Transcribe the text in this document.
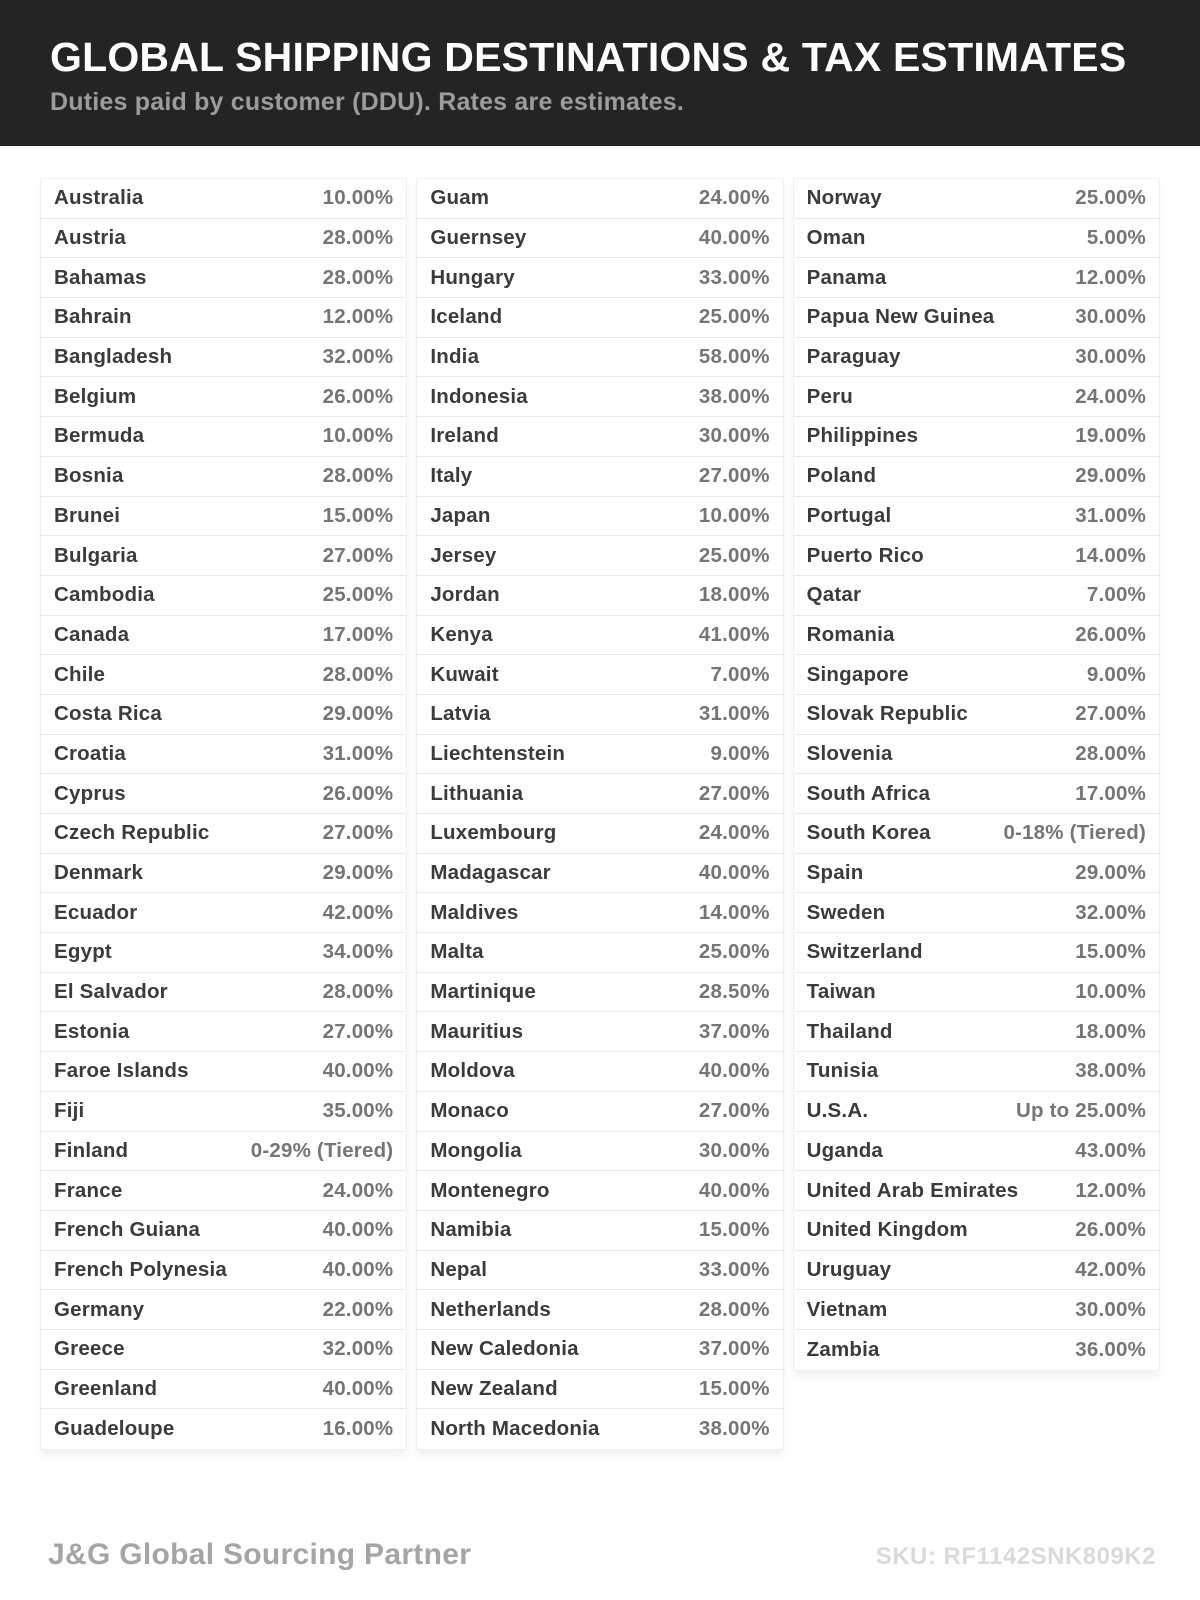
GLOBAL SHIPPING DESTINATIONS & TAX ESTIMATES
Duties paid by customer (DDU). Rates are estimates.
Australia	10.00%
Austria	28.00%
Bahamas	28.00%
Bahrain	12.00%
Bangladesh	32.00%
Belgium	26.00%
Bermuda	10.00%
Bosnia	28.00%
Brunei	15.00%
Bulgaria	27.00%
Cambodia	25.00%
Canada	17.00%
Chile	28.00%
Costa Rica	29.00%
Croatia	31.00%
Cyprus	26.00%
Czech Republic	27.00%
Denmark	29.00%
Ecuador	42.00%
Egypt	34.00%
El Salvador	28.00%
Estonia	27.00%
Faroe Islands	40.00%
Fiji	35.00%
Finland	0-29% (Tiered)
France	24.00%
French Guiana	40.00%
French Polynesia	40.00%
Germany	22.00%
Greece	32.00%
Greenland	40.00%
Guadeloupe	16.00%
Guam	24.00%
Guernsey	40.00%
Hungary	33.00%
Iceland	25.00%
India	58.00%
Indonesia	38.00%
Ireland	30.00%
Italy	27.00%
Japan	10.00%
Jersey	25.00%
Jordan	18.00%
Kenya	41.00%
Kuwait	7.00%
Latvia	31.00%
Liechtenstein	9.00%
Lithuania	27.00%
Luxembourg	24.00%
Madagascar	40.00%
Maldives	14.00%
Malta	25.00%
Martinique	28.50%
Mauritius	37.00%
Moldova	40.00%
Monaco	27.00%
Mongolia	30.00%
Montenegro	40.00%
Namibia	15.00%
Nepal	33.00%
Netherlands	28.00%
New Caledonia	37.00%
New Zealand	15.00%
North Macedonia	38.00%
Norway	25.00%
Oman	5.00%
Panama	12.00%
Papua New Guinea	30.00%
Paraguay	30.00%
Peru	24.00%
Philippines	19.00%
Poland	29.00%
Portugal	31.00%
Puerto Rico	14.00%
Qatar	7.00%
Romania	26.00%
Singapore	9.00%
Slovak Republic	27.00%
Slovenia	28.00%
South Africa	17.00%
South Korea	0-18% (Tiered)
Spain	29.00%
Sweden	32.00%
Switzerland	15.00%
Taiwan	10.00%
Thailand	18.00%
Tunisia	38.00%
U.S.A.	Up to 25.00%
Uganda	43.00%
United Arab Emirates	12.00%
United Kingdom	26.00%
Uruguay	42.00%
Vietnam	30.00%
Zambia	36.00%
J&G Global Sourcing Partner	SKU: RF1142SNK809K2
